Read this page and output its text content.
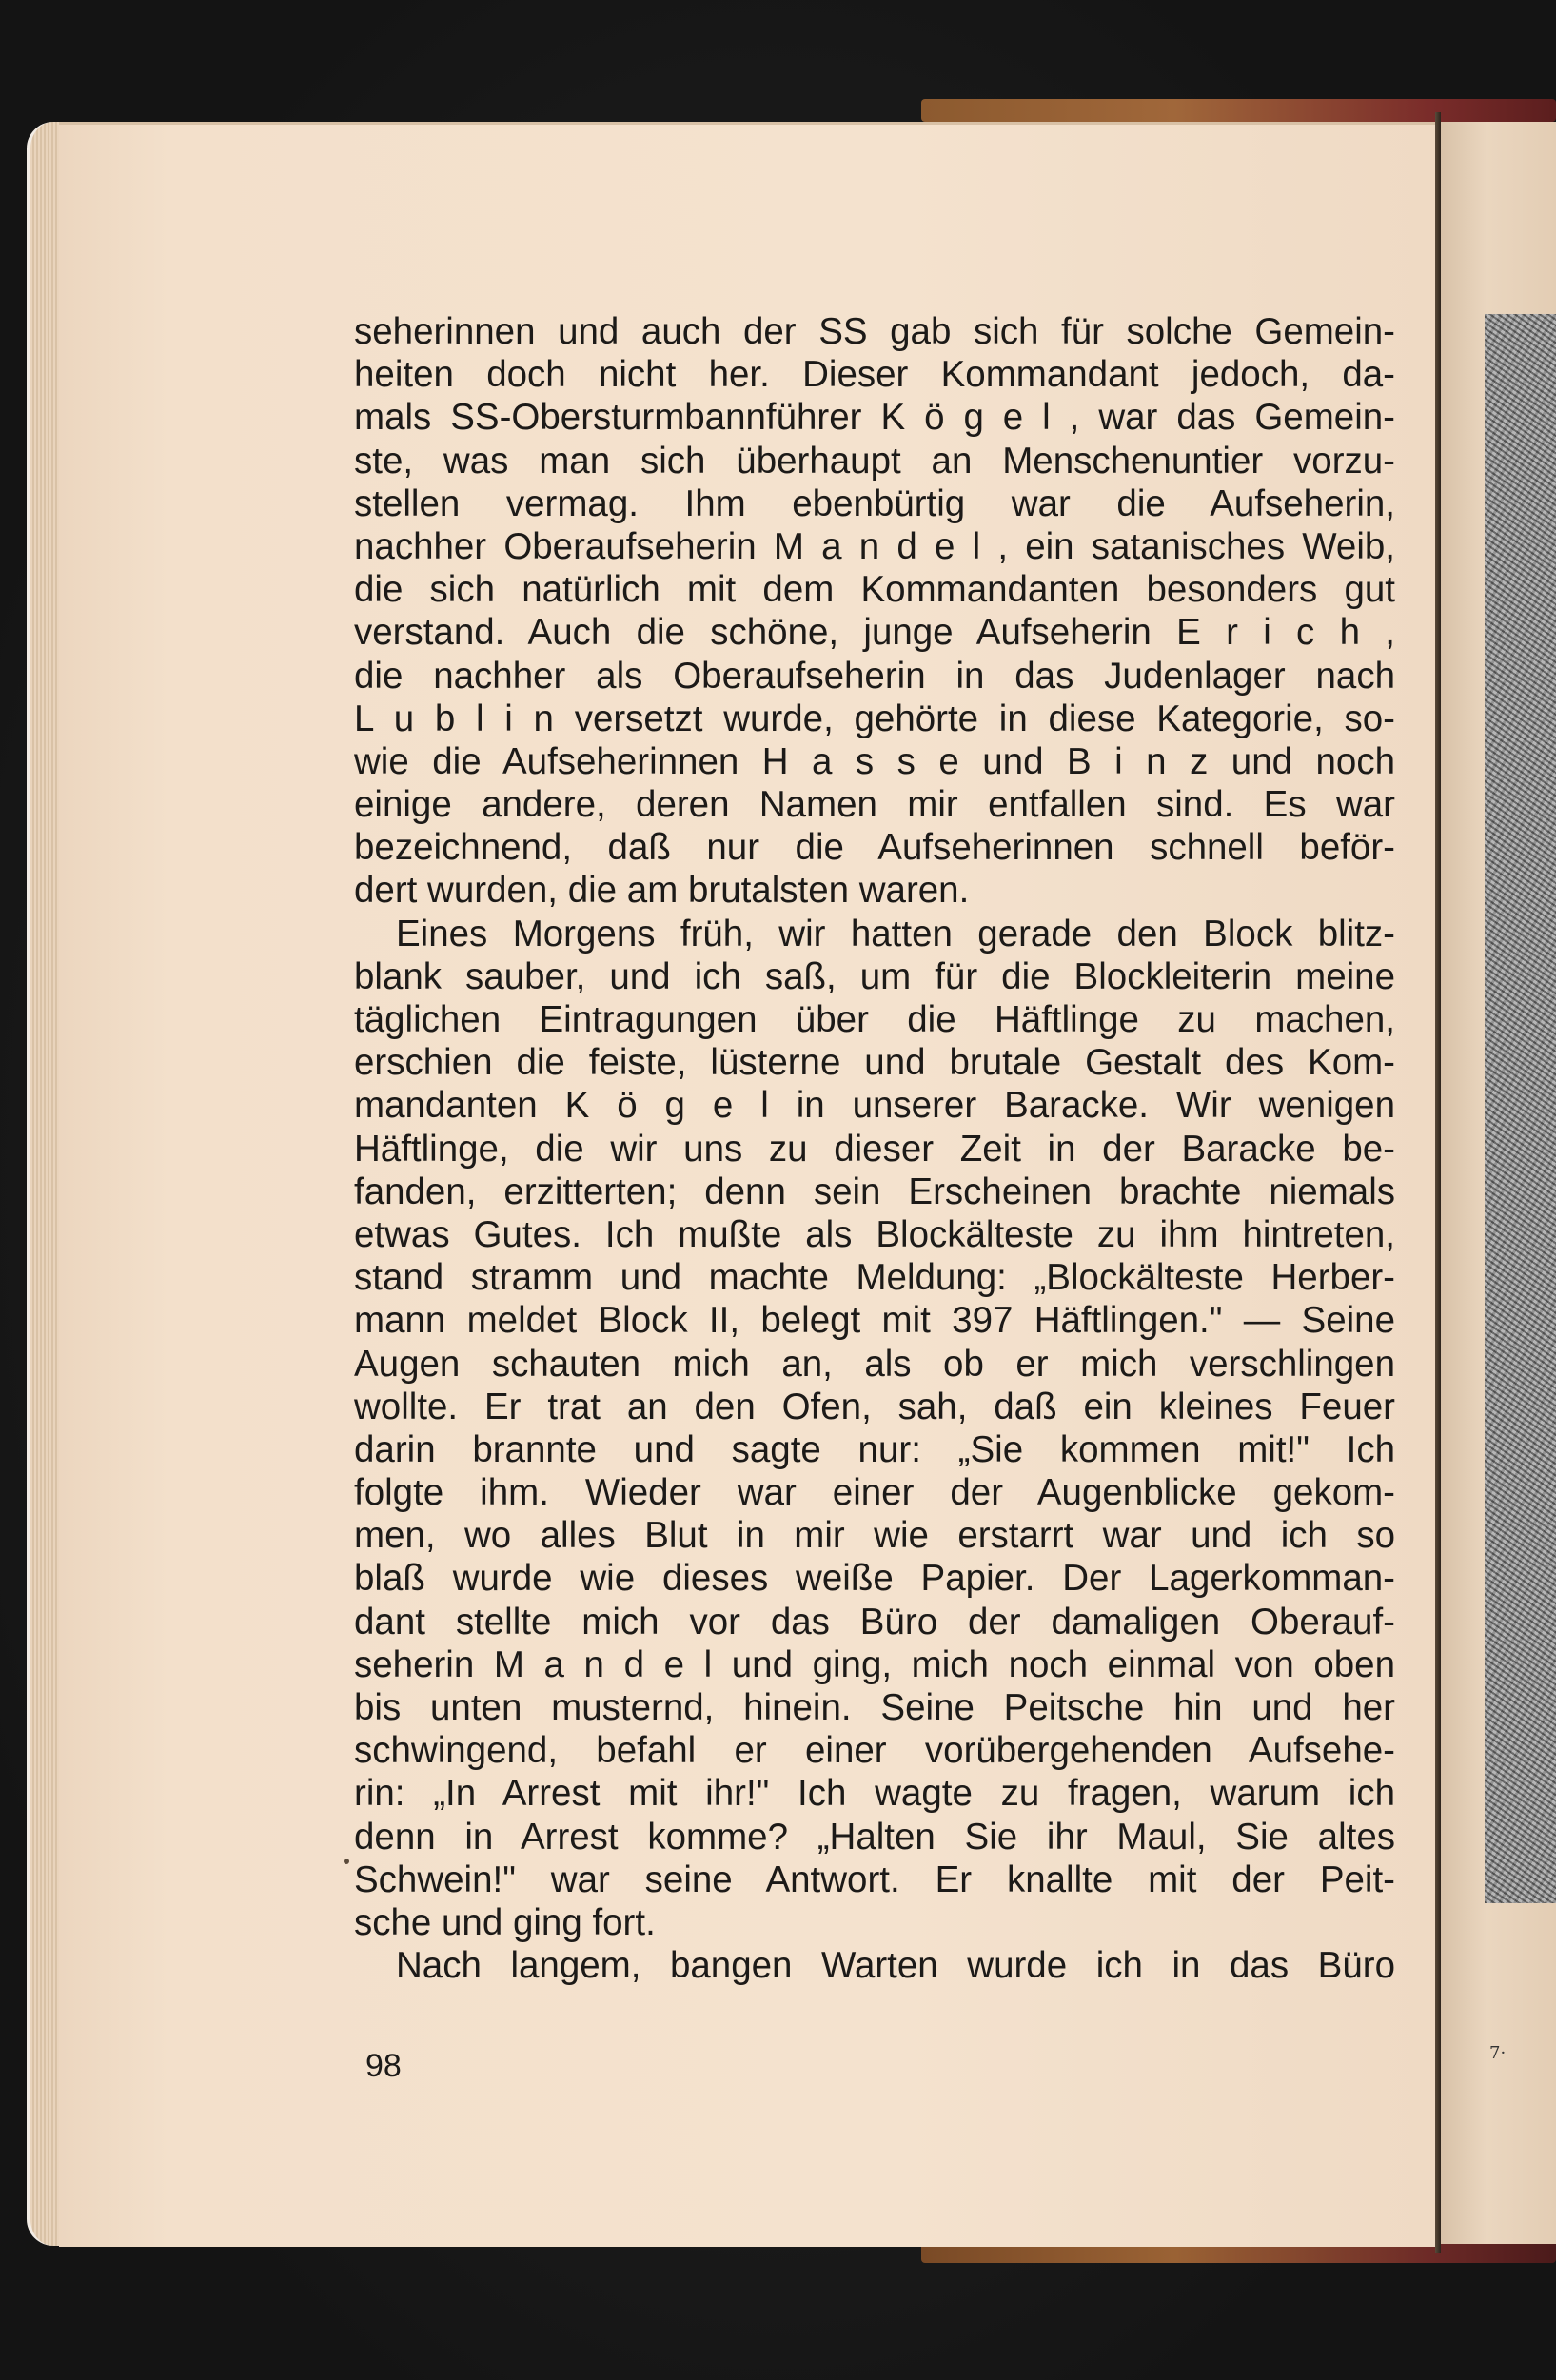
7·
seherinnen und auch der SS gab sich für solche Gemein-
heiten doch nicht her. Dieser Kommandant jedoch, da-
mals SS-Obersturmbannführer K ö g e l , war das Gemein-
ste, was man sich überhaupt an Menschenuntier vorzu-
stellen vermag. Ihm ebenbürtig war die Aufseherin,
nachher Oberaufseherin M a n d e l , ein satanisches Weib,
die sich natürlich mit dem Kommandanten besonders gut
verstand. Auch die schöne, junge Aufseherin E r i c h ,
die nachher als Oberaufseherin in das Judenlager nach
L u b l i n versetzt wurde, gehörte in diese Kategorie, so-
wie die Aufseherinnen H a s s e und B i n z und noch
einige andere, deren Namen mir entfallen sind. Es war
bezeichnend, daß nur die Aufseherinnen schnell beför-
dert wurden, die am brutalsten waren.
Eines Morgens früh, wir hatten gerade den Block blitz-
blank sauber, und ich saß, um für die Blockleiterin meine
täglichen Eintragungen über die Häftlinge zu machen,
erschien die feiste, lüsterne und brutale Gestalt des Kom-
mandanten K ö g e l in unserer Baracke. Wir wenigen
Häftlinge, die wir uns zu dieser Zeit in der Baracke be-
fanden, erzitterten; denn sein Erscheinen brachte niemals
etwas Gutes. Ich mußte als Blockälteste zu ihm hintreten,
stand stramm und machte Meldung: „Blockälteste Herber-
mann meldet Block II, belegt mit 397 Häftlingen." — Seine
Augen schauten mich an, als ob er mich verschlingen
wollte. Er trat an den Ofen, sah, daß ein kleines Feuer
darin brannte und sagte nur: „Sie kommen mit!" Ich
folgte ihm. Wieder war einer der Augenblicke gekom-
men, wo alles Blut in mir wie erstarrt war und ich so
blaß wurde wie dieses weiße Papier. Der Lagerkomman-
dant stellte mich vor das Büro der damaligen Oberauf-
seherin M a n d e l und ging, mich noch einmal von oben
bis unten musternd, hinein. Seine Peitsche hin und her
schwingend, befahl er einer vorübergehenden Aufsehe-
rin: „In Arrest mit ihr!" Ich wagte zu fragen, warum ich
denn in Arrest komme? „Halten Sie ihr Maul, Sie altes
Schwein!" war seine Antwort. Er knallte mit der Peit-
sche und ging fort.
Nach langem, bangen Warten wurde ich in das Büro
98
